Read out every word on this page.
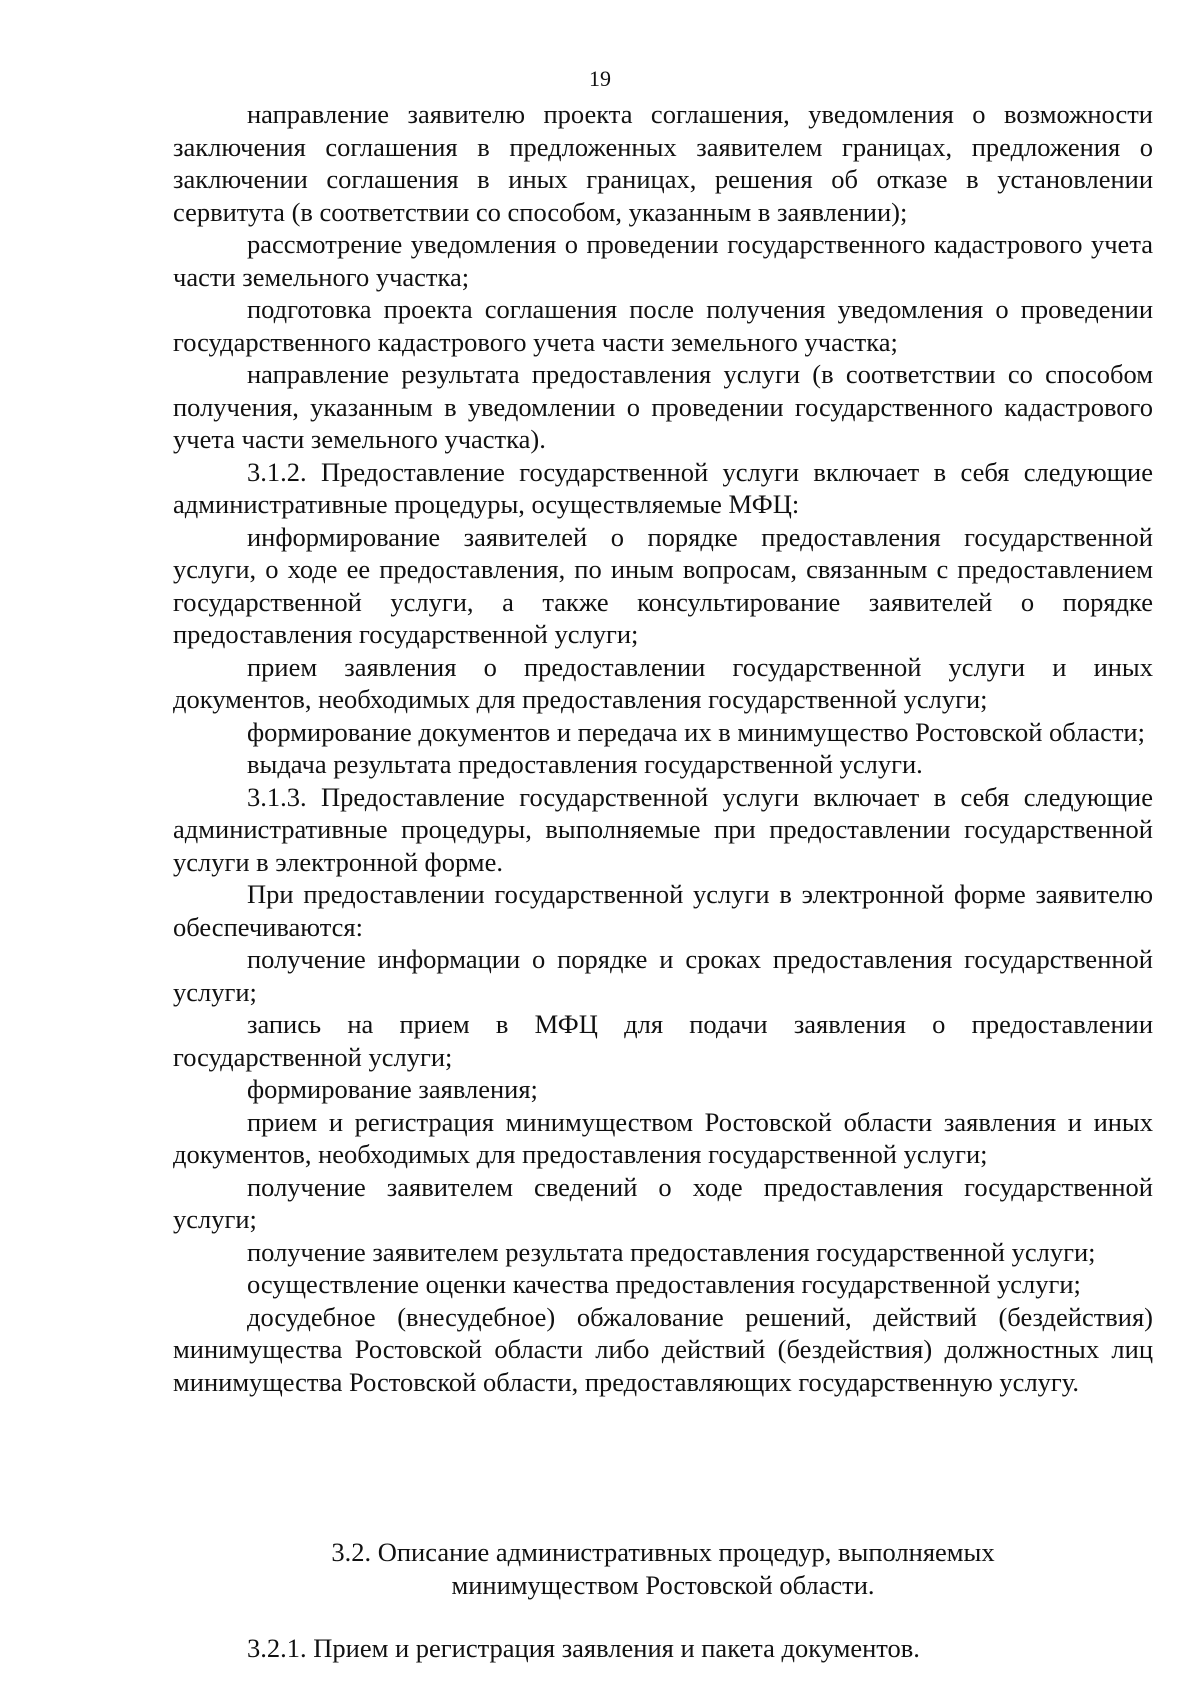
19

направление заявителю проекта соглашения, уведомления о возможности заключения соглашения в предложенных заявителем границах, предложения о заключении соглашения в иных границах, решения об отказе в установлении сервитута (в соответствии со способом, указанным в заявлении);

рассмотрение уведомления о проведении государственного кадастрового учета части земельного участка;

подготовка проекта соглашения после получения уведомления о проведении государственного кадастрового учета части земельного участка;

направление результата предоставления услуги (в соответствии со способом получения, указанным в уведомлении о проведении государственного кадастрового учета части земельного участка).

3.1.2. Предоставление государственной услуги включает в себя следующие административные процедуры, осуществляемые МФЦ:

информирование заявителей о порядке предоставления государственной услуги, о ходе ее предоставления, по иным вопросам, связанным с предоставлением государственной услуги, а также консультирование заявителей о порядке предоставления государственной услуги;

прием заявления о предоставлении государственной услуги и иных документов, необходимых для предоставления государственной услуги;

формирование документов и передача их в минимущество Ростовской области;

выдача результата предоставления государственной услуги.

3.1.3. Предоставление государственной услуги включает в себя следующие административные процедуры, выполняемые при предоставлении государственной услуги в электронной форме.

При предоставлении государственной услуги в электронной форме заявителю обеспечиваются:

получение информации о порядке и сроках предоставления государственной услуги;

запись на прием в МФЦ для подачи заявления о предоставлении государственной услуги;

формирование заявления;

прием и регистрация минимуществом Ростовской области заявления и иных документов, необходимых для предоставления государственной услуги;

получение заявителем сведений о ходе предоставления государственной услуги;

получение заявителем результата предоставления государственной услуги;

осуществление оценки качества предоставления государственной услуги;

досудебное (внесудебное) обжалование решений, действий (бездействия) минимущества Ростовской области либо действий (бездействия) должностных лиц минимущества Ростовской области, предоставляющих государственную услугу.

3.2. Описание административных процедур, выполняемых
минимуществом Ростовской области.

3.2.1. Прием и регистрация заявления и пакета документов.
